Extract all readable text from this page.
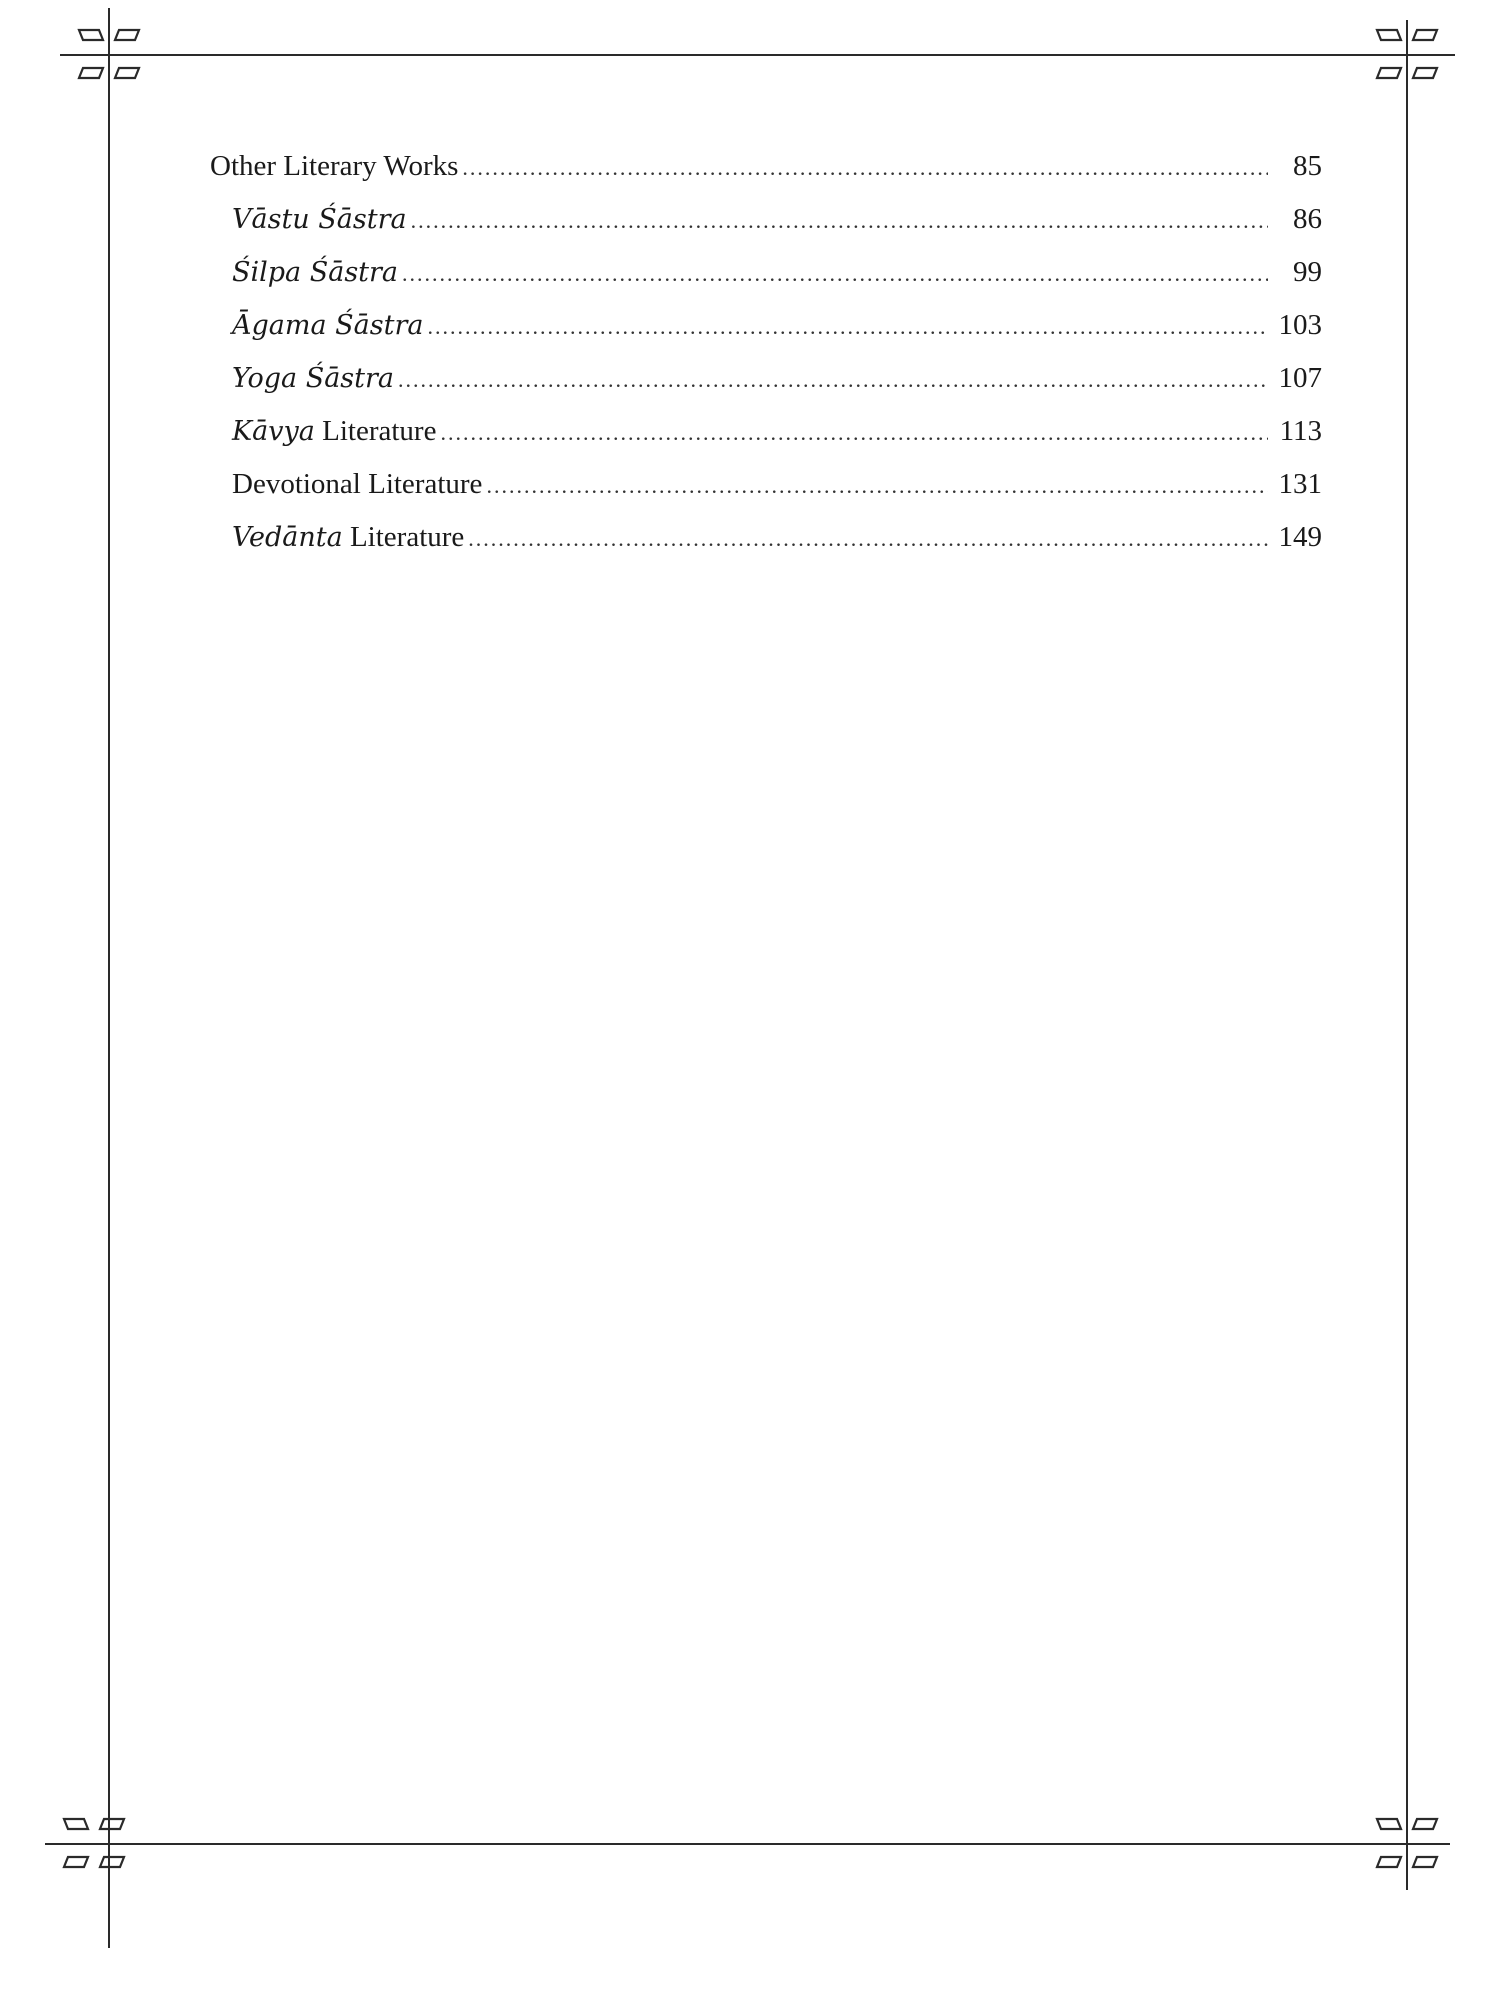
Other Literary Works .....	85
Vāstu Śāstra .....	86
Śilpa Śāstra .....	99
Āgama Śāstra .....	103
Yoga Śāstra .....	107
Kāvya Literature .....	113
Devotional Literature .....	131
Vedānta Literature .....	149
